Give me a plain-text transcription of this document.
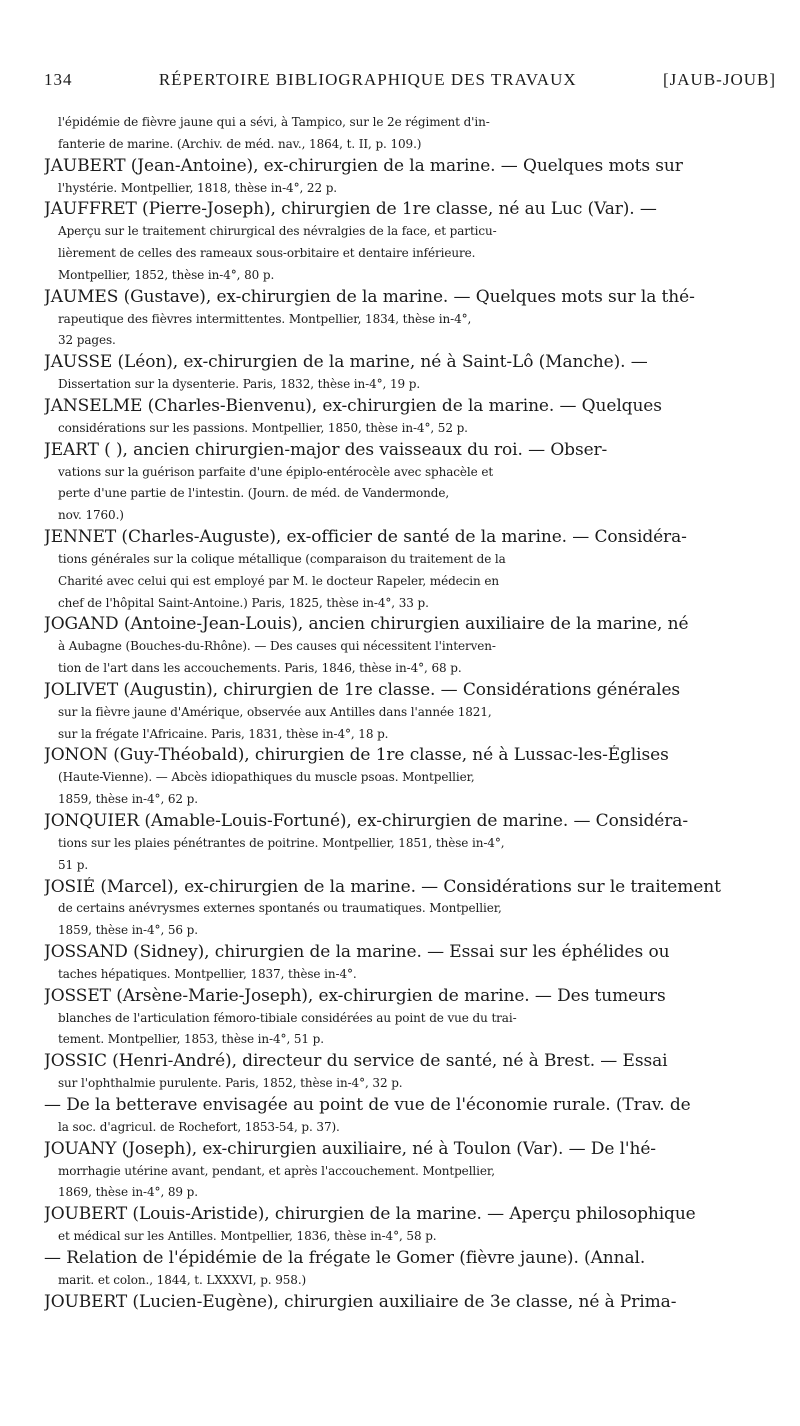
134	RÉPERTOIRE BIBLIOGRAPHIQUE DES TRAVAUX	[JAUB-JOUB]
l'épidémie de fièvre jaune qui a sévi, à Tampico, sur le 2e régiment d'in-
fanterie de marine. (Archiv. de méd. nav., 1864, t. II, p. 109.)
JAUBERT (Jean-Antoine), ex-chirurgien de la marine. — Quelques mots sur
l'hystérie. Montpellier, 1818, thèse in-4°, 22 p.
JAUFFRET (Pierre-Joseph), chirurgien de 1re classe, né au Luc (Var). —
Aperçu sur le traitement chirurgical des névralgies de la face, et particu-
lièrement de celles des rameaux sous-orbitaire et dentaire inférieure.
Montpellier, 1852, thèse in-4°, 80 p.
JAUMES (Gustave), ex-chirurgien de la marine. — Quelques mots sur la thé-
rapeutique des fièvres intermittentes. Montpellier, 1834, thèse in-4°,
32 pages.
JAUSSE (Léon), ex-chirurgien de la marine, né à Saint-Lô (Manche). —
Dissertation sur la dysenterie. Paris, 1832, thèse in-4°, 19 p.
JANSELME (Charles-Bienvenu), ex-chirurgien de la marine. — Quelques
considérations sur les passions. Montpellier, 1850, thèse in-4°, 52 p.
JEART ( ), ancien chirurgien-major des vaisseaux du roi. — Obser-
vations sur la guérison parfaite d'une épiplo-entérocèle avec sphacèle et
perte d'une partie de l'intestin. (Journ. de méd. de Vandermonde,
nov. 1760.)
JENNET (Charles-Auguste), ex-officier de santé de la marine. — Considéra-
tions générales sur la colique métallique (comparaison du traitement de la
Charité avec celui qui est employé par M. le docteur Rapeler, médecin en
chef de l'hôpital Saint-Antoine.) Paris, 1825, thèse in-4°, 33 p.
JOGAND (Antoine-Jean-Louis), ancien chirurgien auxiliaire de la marine, né
à Aubagne (Bouches-du-Rhône). — Des causes qui nécessitent l'interven-
tion de l'art dans les accouchements. Paris, 1846, thèse in-4°, 68 p.
JOLIVET (Augustin), chirurgien de 1re classe. — Considérations générales
sur la fièvre jaune d'Amérique, observée aux Antilles dans l'année 1821,
sur la frégate l'Africaine. Paris, 1831, thèse in-4°, 18 p.
JONON (Guy-Théobald), chirurgien de 1re classe, né à Lussac-les-Églises
(Haute-Vienne). — Abcès idiopathiques du muscle psoas. Montpellier,
1859, thèse in-4°, 62 p.
JONQUIER (Amable-Louis-Fortuné), ex-chirurgien de marine. — Considéra-
tions sur les plaies pénétrantes de poitrine. Montpellier, 1851, thèse in-4°,
51 p.
JOSIÉ (Marcel), ex-chirurgien de la marine. — Considérations sur le traitement
de certains anévrysmes externes spontanés ou traumatiques. Montpellier,
1859, thèse in-4°, 56 p.
JOSSAND (Sidney), chirurgien de la marine. — Essai sur les éphélides ou
taches hépatiques. Montpellier, 1837, thèse in-4°.
JOSSET (Arsène-Marie-Joseph), ex-chirurgien de marine. — Des tumeurs
blanches de l'articulation fémoro-tibiale considérées au point de vue du trai-
tement. Montpellier, 1853, thèse in-4°, 51 p.
JOSSIC (Henri-André), directeur du service de santé, né à Brest. — Essai
sur l'ophthalmie purulente. Paris, 1852, thèse in-4°, 32 p.
— De la betterave envisagée au point de vue de l'économie rurale. (Trav. de
la soc. d'agricul. de Rochefort, 1853-54, p. 37).
JOUANY (Joseph), ex-chirurgien auxiliaire, né à Toulon (Var). — De l'hé-
morrhagie utérine avant, pendant, et après l'accouchement. Montpellier,
1869, thèse in-4°, 89 p.
JOUBERT (Louis-Aristide), chirurgien de la marine. — Aperçu philosophique
et médical sur les Antilles. Montpellier, 1836, thèse in-4°, 58 p.
— Relation de l'épidémie de la frégate le Gomer (fièvre jaune). (Annal.
marit. et colon., 1844, t. LXXXVI, p. 958.)
JOUBERT (Lucien-Eugène), chirurgien auxiliaire de 3e classe, né à Prima-
